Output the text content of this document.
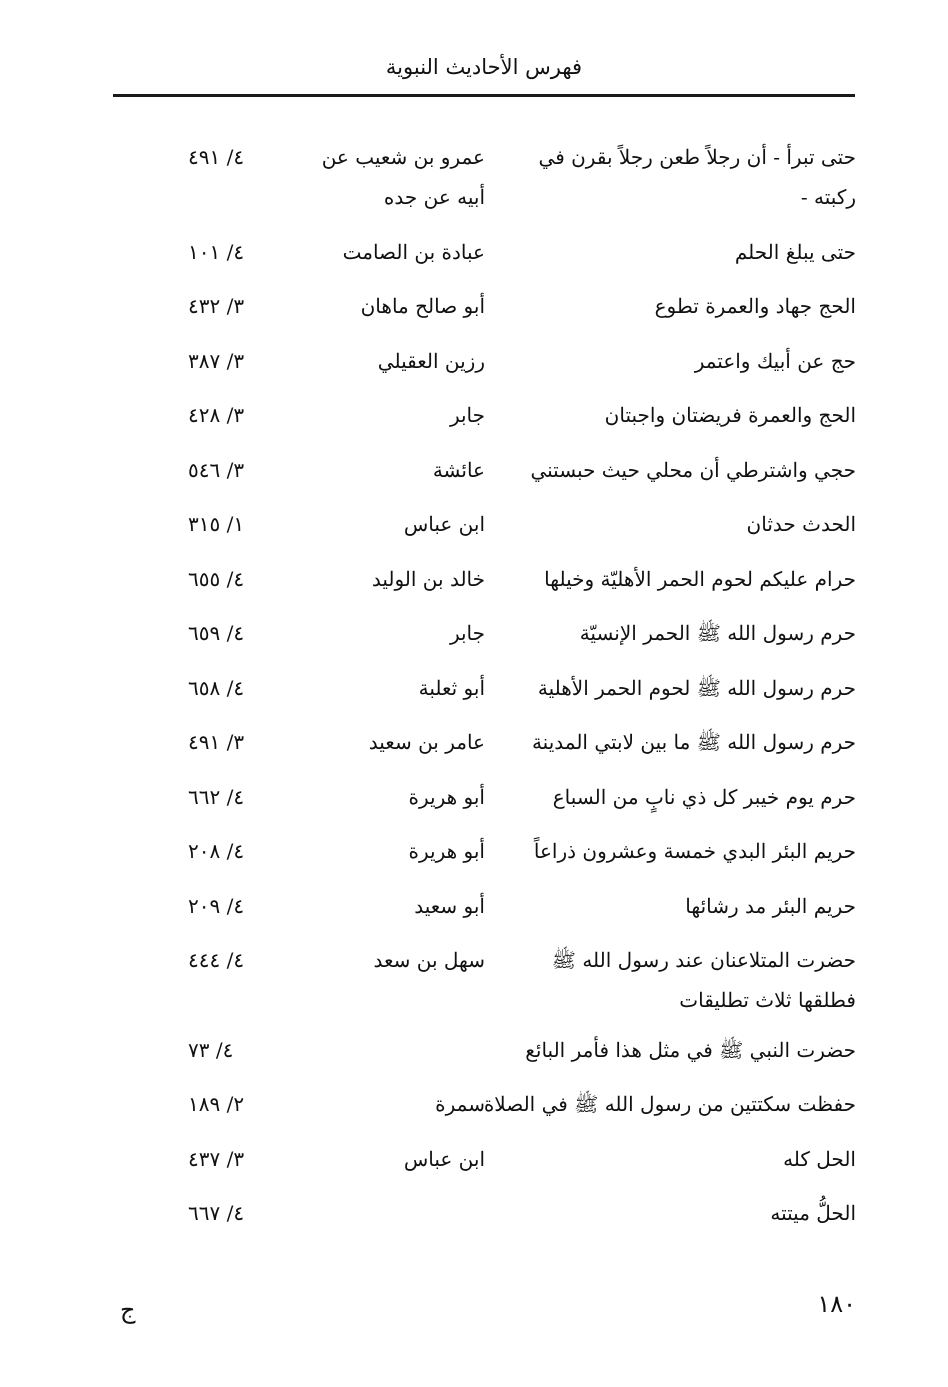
فهرس الأحاديث النبوية
حتى تبرأ - أن رجلاً طعن رجلاً بقرن في ركبته -
عمرو بن شعيب عن أبيه عن جده
٤/ ٤٩١
حتى يبلغ الحلم
عبادة بن الصامت
٤/ ١٠١
الحج جهاد والعمرة تطوع
أبو صالح ماهان
٣/ ٤٣٢
حج عن أبيك واعتمر
رزين العقيلي
٣/ ٣٨٧
الحج والعمرة فريضتان واجبتان
جابر
٣/ ٤٢٨
حجي واشترطي أن محلي حيث حبستني
عائشة
٣/ ٥٤٦
الحدث حدثان
ابن عباس
١/ ٣١٥
حرام عليكم لحوم الحمر الأهليّة وخيلها
خالد بن الوليد
٤/ ٦٥٥
حرم رسول الله ﷺ الحمر الإنسيّة
جابر
٤/ ٦٥٩
حرم رسول الله ﷺ لحوم الحمر الأهلية
أبو ثعلبة
٤/ ٦٥٨
حرم رسول الله ﷺ ما بين لابتي المدينة
عامر بن سعيد
٣/ ٤٩١
حرم يوم خيبر كل ذي نابٍ من السباع
أبو هريرة
٤/ ٦٦٢
حريم البئر البدي خمسة وعشرون ذراعاً
أبو هريرة
٤/ ٢٠٨
حريم البئر مد رشائها
أبو سعيد
٤/ ٢٠٩
حضرت المتلاعنان عند رسول الله ﷺ فطلقها ثلاث تطليقات
سهل بن سعد
٤/ ٤٤٤
حضرت النبي ﷺ في مثل هذا فأمر البائع
٤/ ٧٣
حفظت سكتتين من رسول الله ﷺ في الصلاة
سمرة
٢/ ١٨٩
الحل كله
ابن عباس
٣/ ٤٣٧
الحلُّ ميتته
٤/ ٦٦٧
١٨٠
ج
